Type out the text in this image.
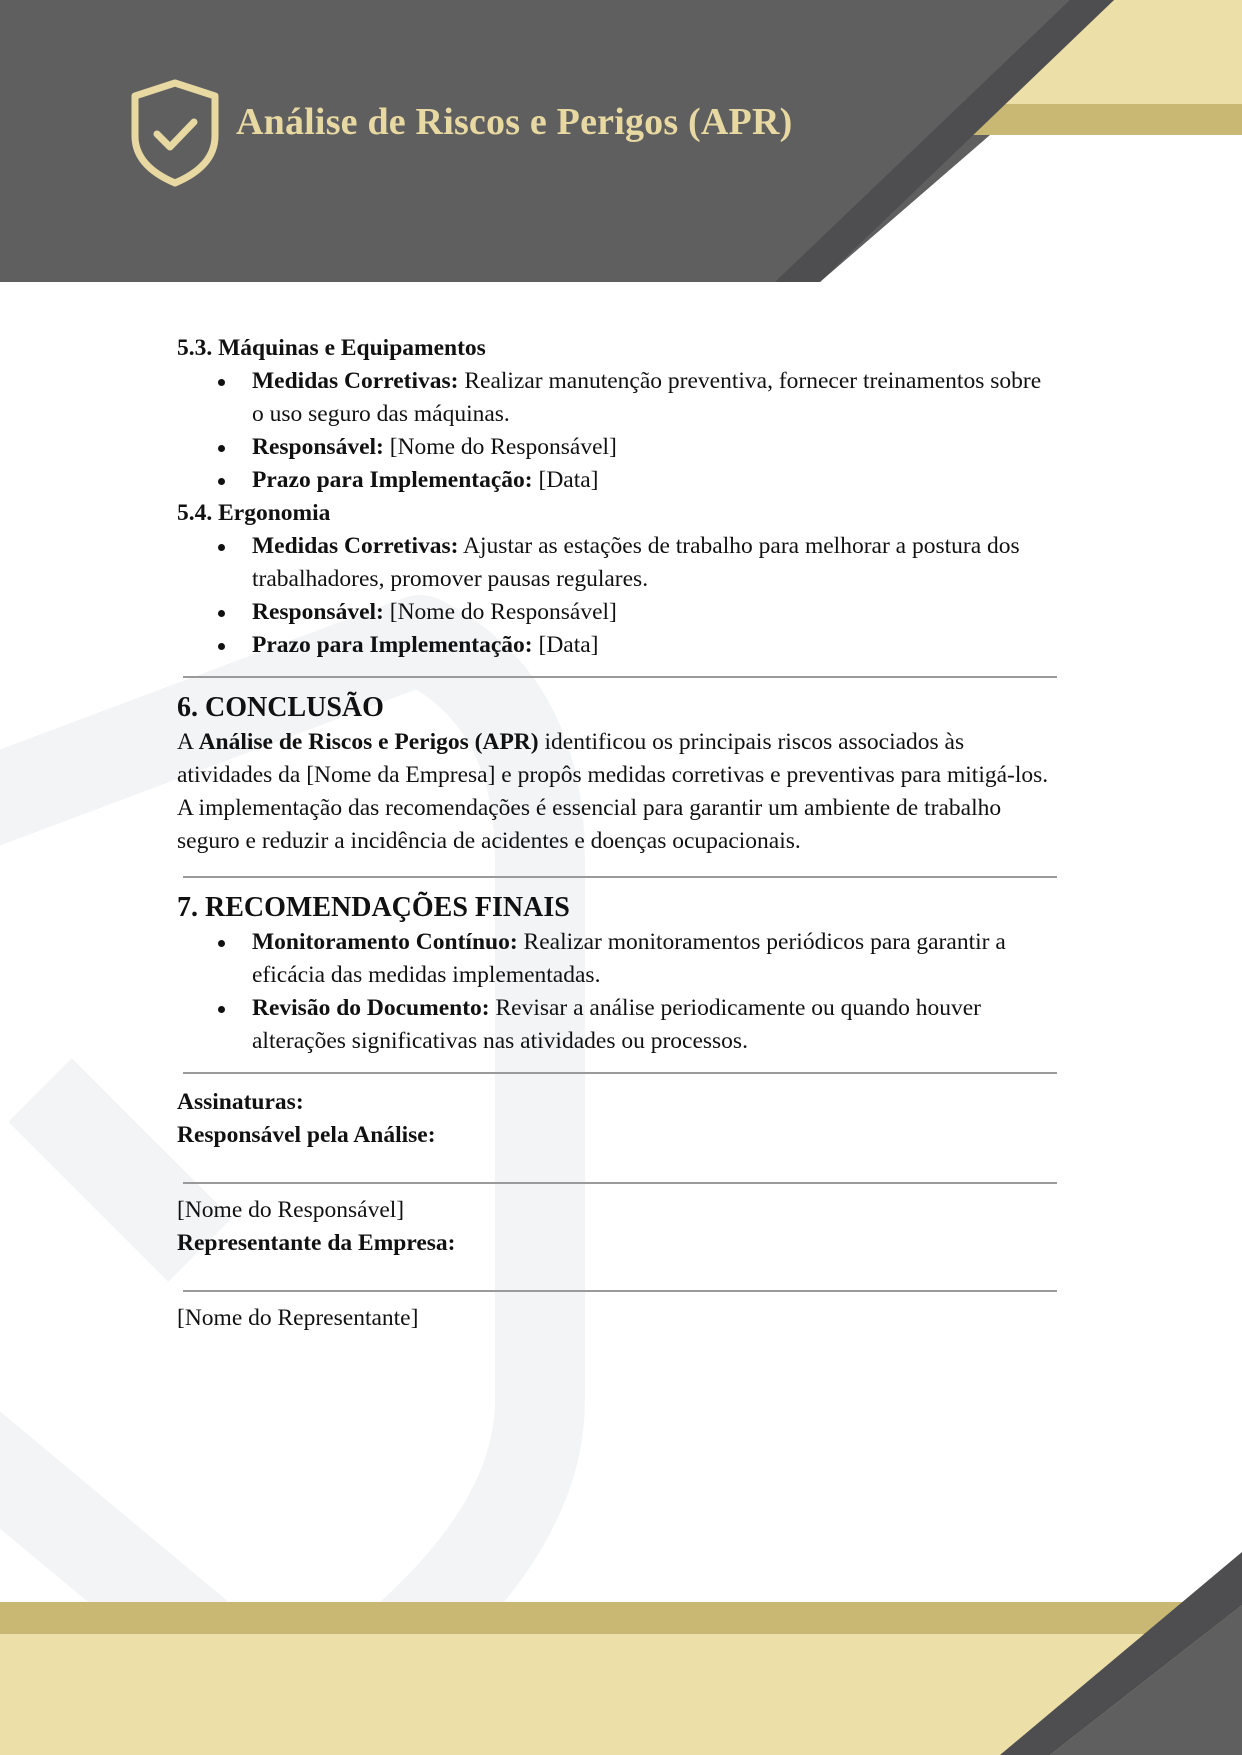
Análise de Riscos e Perigos (APR)

5.3. Máquinas e Equipamentos

Medidas Corretivas: Realizar manutenção preventiva, fornecer treinamentos sobre o uso seguro das máquinas.
Responsável: [Nome do Responsável]
Prazo para Implementação: [Data]

5.4. Ergonomia

Medidas Corretivas: Ajustar as estações de trabalho para melhorar a postura dos trabalhadores, promover pausas regulares.
Responsável: [Nome do Responsável]
Prazo para Implementação: [Data]

6. CONCLUSÃO

A Análise de Riscos e Perigos (APR) identificou os principais riscos associados às atividades da [Nome da Empresa] e propôs medidas corretivas e preventivas para mitigá-los. A implementação das recomendações é essencial para garantir um ambiente de trabalho seguro e reduzir a incidência de acidentes e doenças ocupacionais.

7. RECOMENDAÇÕES FINAIS

Monitoramento Contínuo: Realizar monitoramentos periódicos para garantir a eficácia das medidas implementadas.
Revisão do Documento: Revisar a análise periodicamente ou quando houver alterações significativas nas atividades ou processos.

Assinaturas:

Responsável pela Análise:

[Nome do Responsável]

Representante da Empresa:

[Nome do Representante]
